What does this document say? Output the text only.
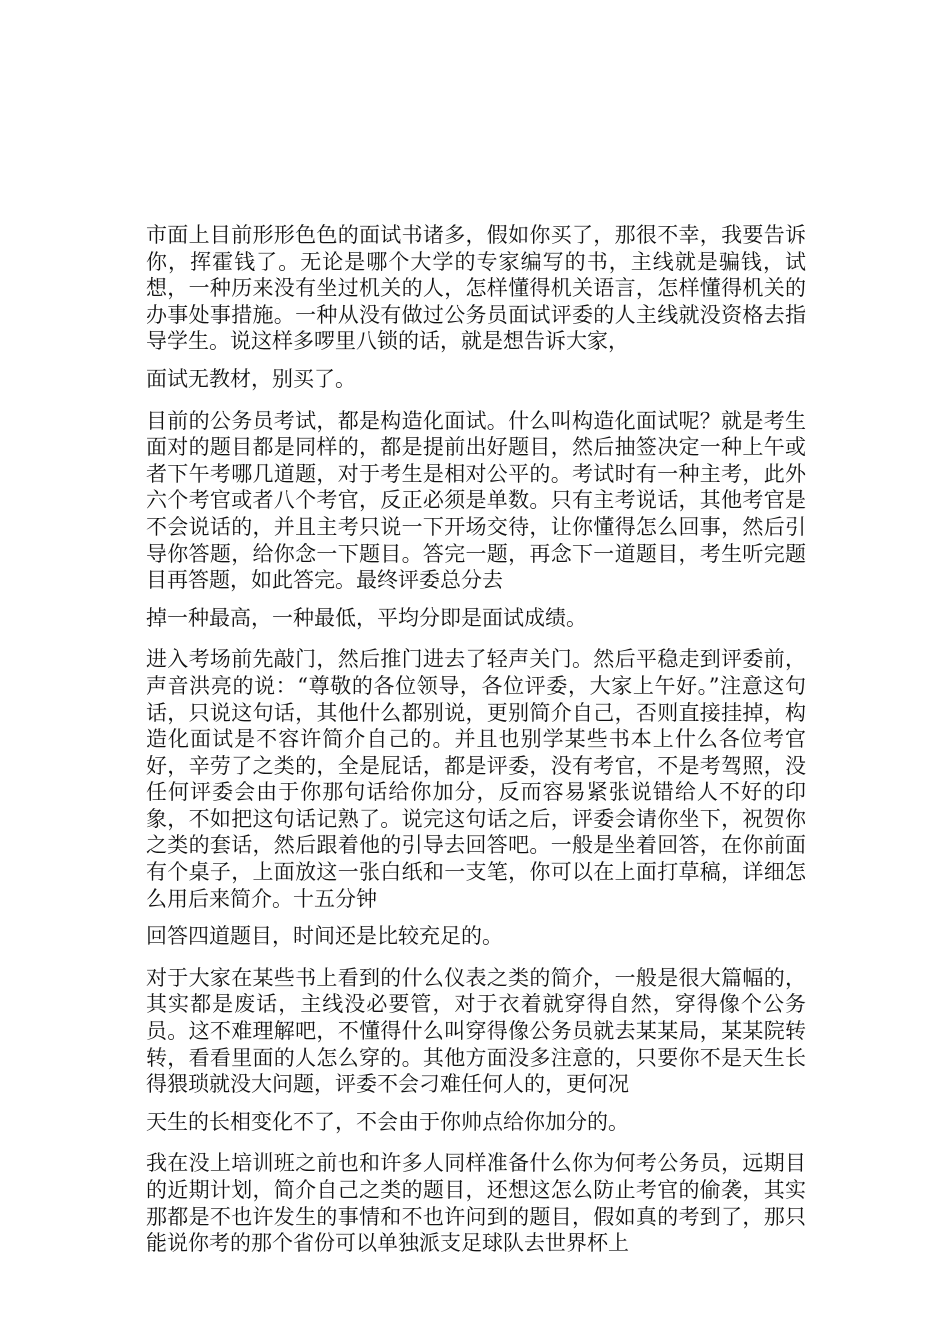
市面上目前形形色色的面试书诸多，假如你买了，那很不幸，我要告诉你，挥霍钱了。无论是哪个大学的专家编写的书，主线就是骗钱，试想，一种历来没有坐过机关的人，怎样懂得机关语言，怎样懂得机关的办事处事措施。一种从没有做过公务员面试评委的人主线就没资格去指导学生。说这样多啰里八锁的话，就是想告诉大家，

面试无教材，别买了。

目前的公务员考试，都是构造化面试。什么叫构造化面试呢？就是考生面对的题目都是同样的，都是提前出好题目，然后抽签决定一种上午或者下午考哪几道题，对于考生是相对公平的。考试时有一种主考，此外六个考官或者八个考官，反正必须是单数。只有主考说话，其他考官是不会说话的，并且主考只说一下开场交待，让你懂得怎么回事，然后引导你答题，给你念一下题目。答完一题，再念下一道题目，考生听完题目再答题，如此答完。最终评委总分去

掉一种最高，一种最低，平均分即是面试成绩。

进入考场前先敲门，然后推门进去了轻声关门。然后平稳走到评委前，声音洪亮的说：“尊敬的各位领导，各位评委，大家上午好。”注意这句话，只说这句话，其他什么都别说，更别简介自己，否则直接挂掉，构造化面试是不容许简介自己的。并且也别学某些书本上什么各位考官好，辛劳了之类的，全是屁话，都是评委，没有考官，不是考驾照，没任何评委会由于你那句话给你加分，反而容易紧张说错给人不好的印象，不如把这句话记熟了。说完这句话之后，评委会请你坐下，祝贺你之类的套话，然后跟着他的引导去回答吧。一般是坐着回答，在你前面有个桌子，上面放这一张白纸和一支笔，你可以在上面打草稿，详细怎么用后来简介。十五分钟

回答四道题目，时间还是比较充足的。

对于大家在某些书上看到的什么仪表之类的简介，一般是很大篇幅的，其实都是废话，主线没必要管，对于衣着就穿得自然，穿得像个公务员。这不难理解吧，不懂得什么叫穿得像公务员就去某某局，某某院转转，看看里面的人怎么穿的。其他方面没多注意的，只要你不是天生长得猥琐就没大问题，评委不会刁难任何人的，更何况

天生的长相变化不了，不会由于你帅点给你加分的。

我在没上培训班之前也和许多人同样准备什么你为何考公务员，远期目的近期计划，简介自己之类的题目，还想这怎么防止考官的偷袭，其实那都是不也许发生的事情和不也许问到的题目，假如真的考到了，那只能说你考的那个省份可以单独派支足球队去世界杯上
